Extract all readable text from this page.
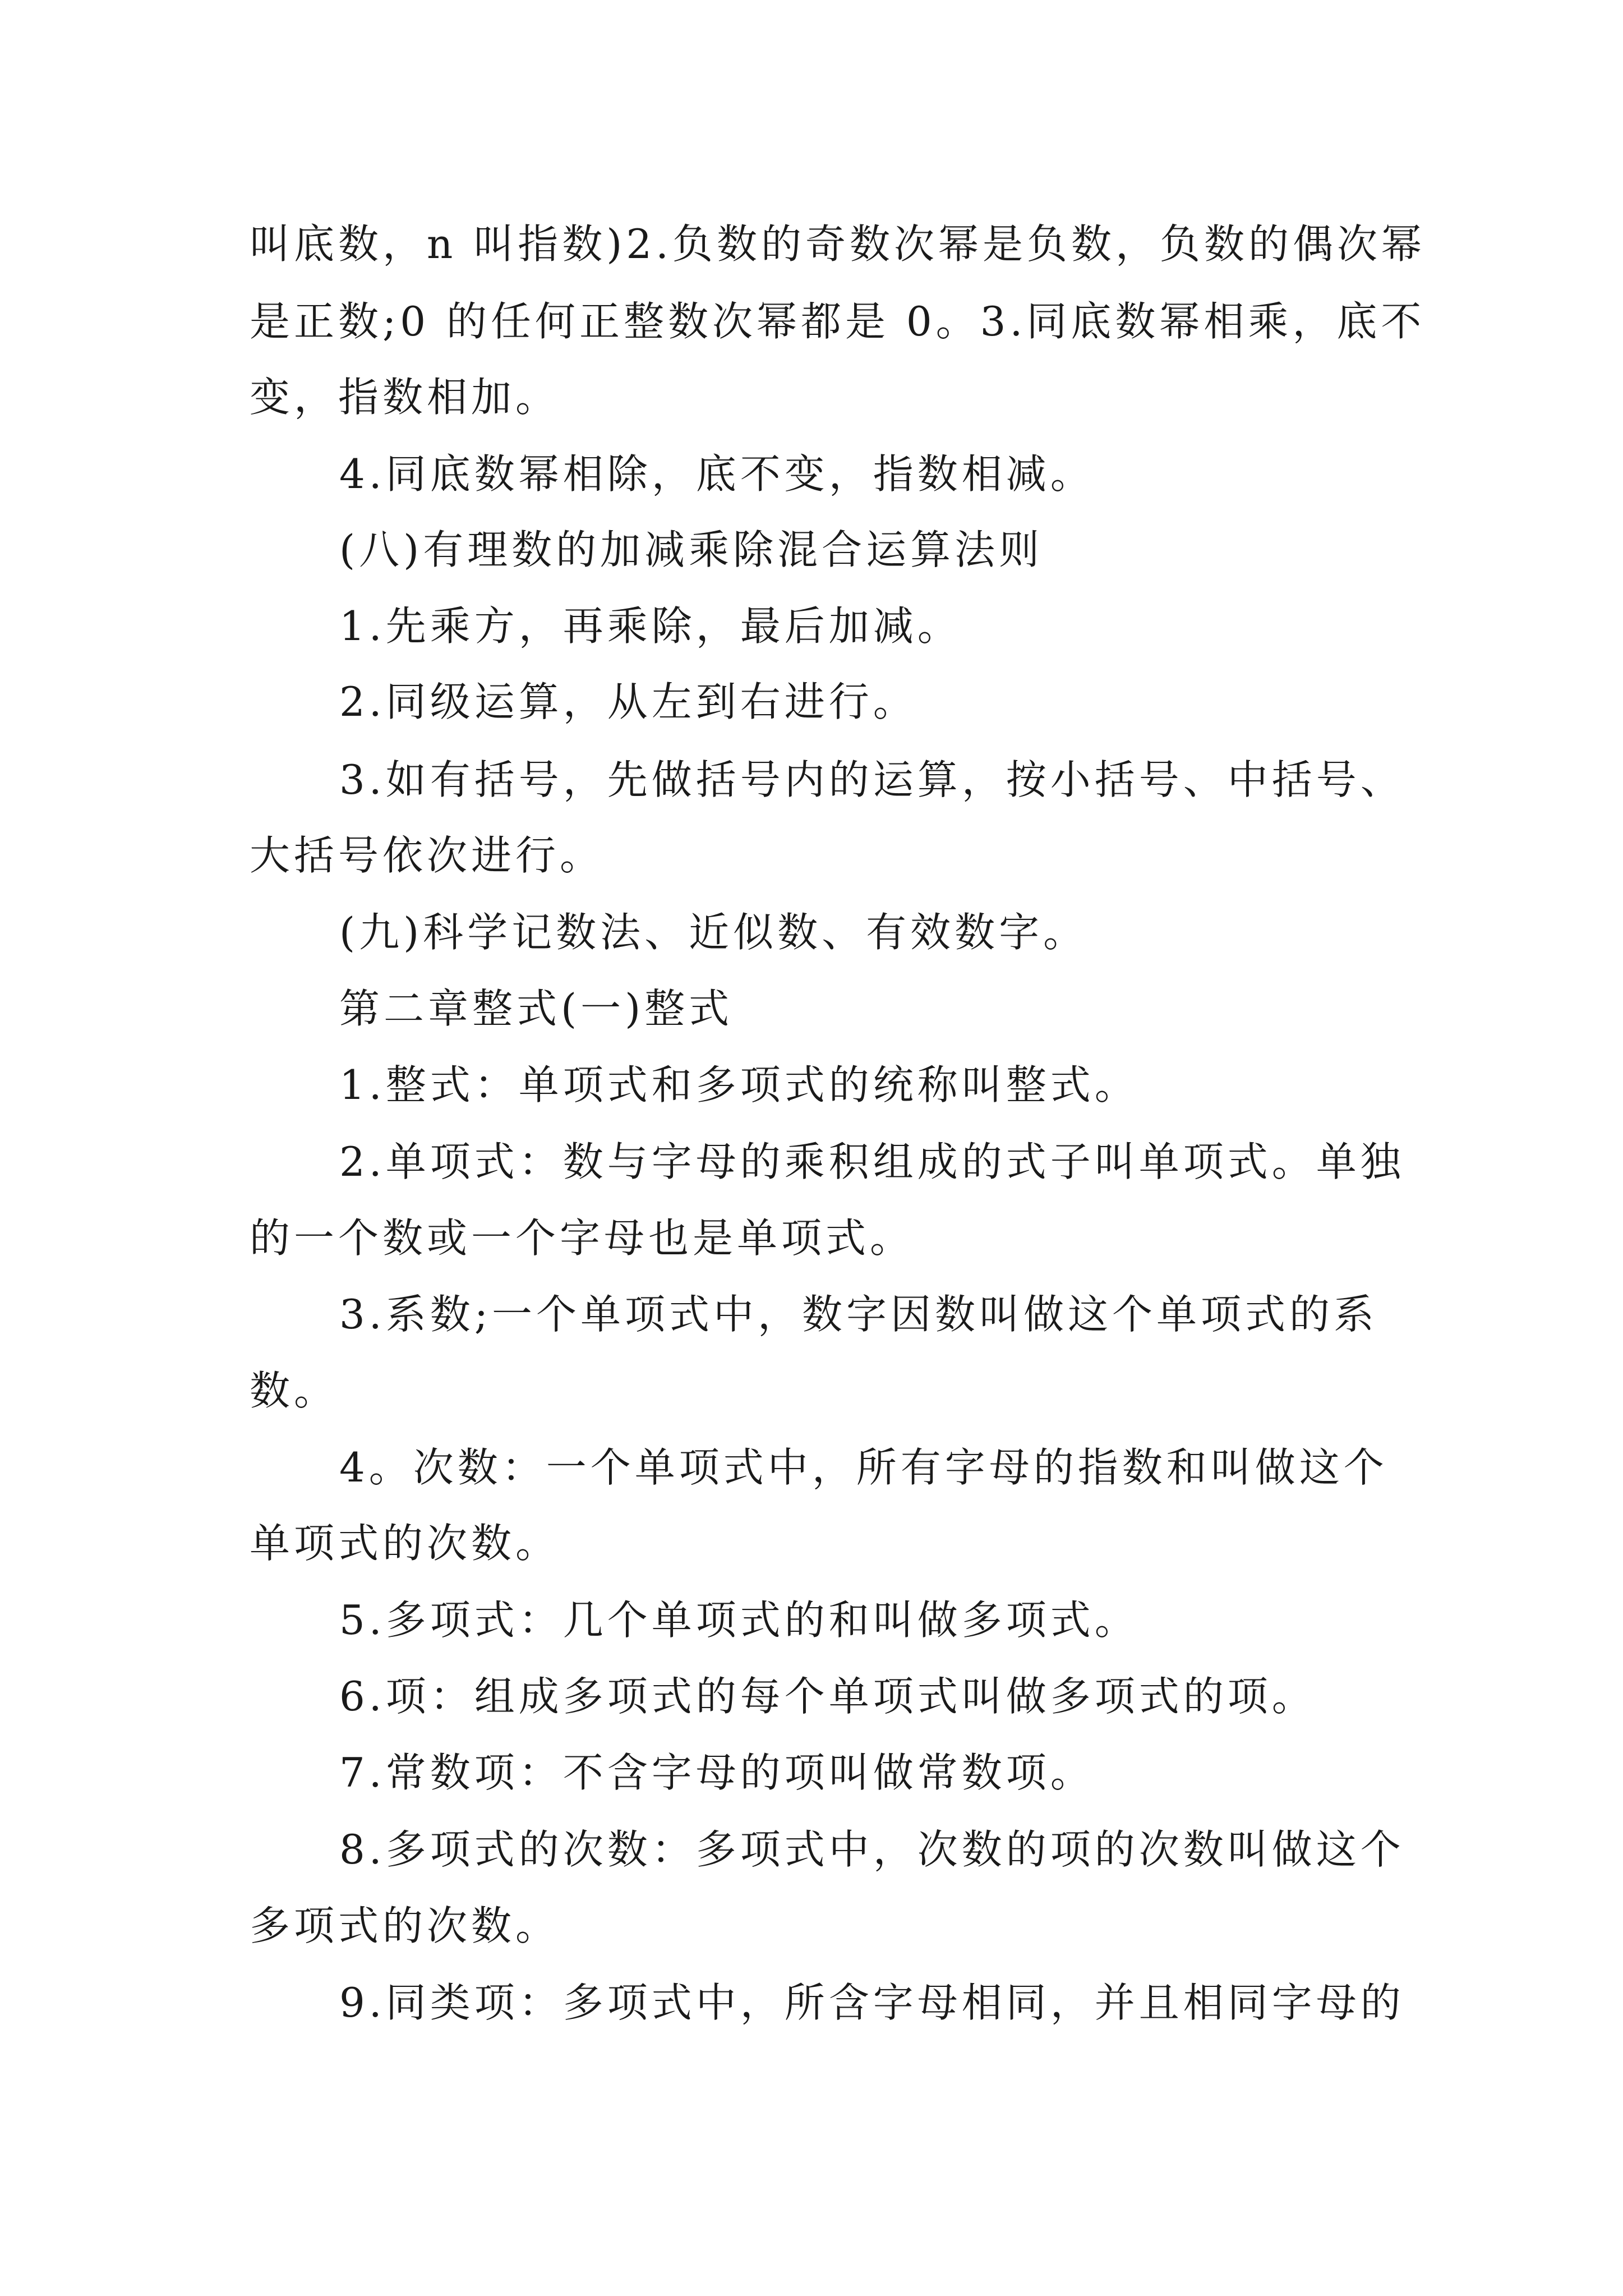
叫底数，n 叫指数)2.负数的奇数次幂是负数，负数的偶次幂
是正数;0 的任何正整数次幂都是 0。3.同底数幂相乘，底不
变，指数相加。
4.同底数幂相除，底不变，指数相减。
(八)有理数的加减乘除混合运算法则
1.先乘方，再乘除，最后加减。
2.同级运算，从左到右进行。
3.如有括号，先做括号内的运算，按小括号、中括号、
大括号依次进行。
(九)科学记数法、近似数、有效数字。
第二章整式(一)整式
1.整式：单项式和多项式的统称叫整式。
2.单项式：数与字母的乘积组成的式子叫单项式。单独
的一个数或一个字母也是单项式。
3.系数;一个单项式中，数字因数叫做这个单项式的系
数。
4。次数：一个单项式中，所有字母的指数和叫做这个
单项式的次数。
5.多项式：几个单项式的和叫做多项式。
6.项：组成多项式的每个单项式叫做多项式的项。
7.常数项：不含字母的项叫做常数项。
8.多项式的次数：多项式中，次数的项的次数叫做这个
多项式的次数。
9.同类项：多项式中，所含字母相同，并且相同字母的
